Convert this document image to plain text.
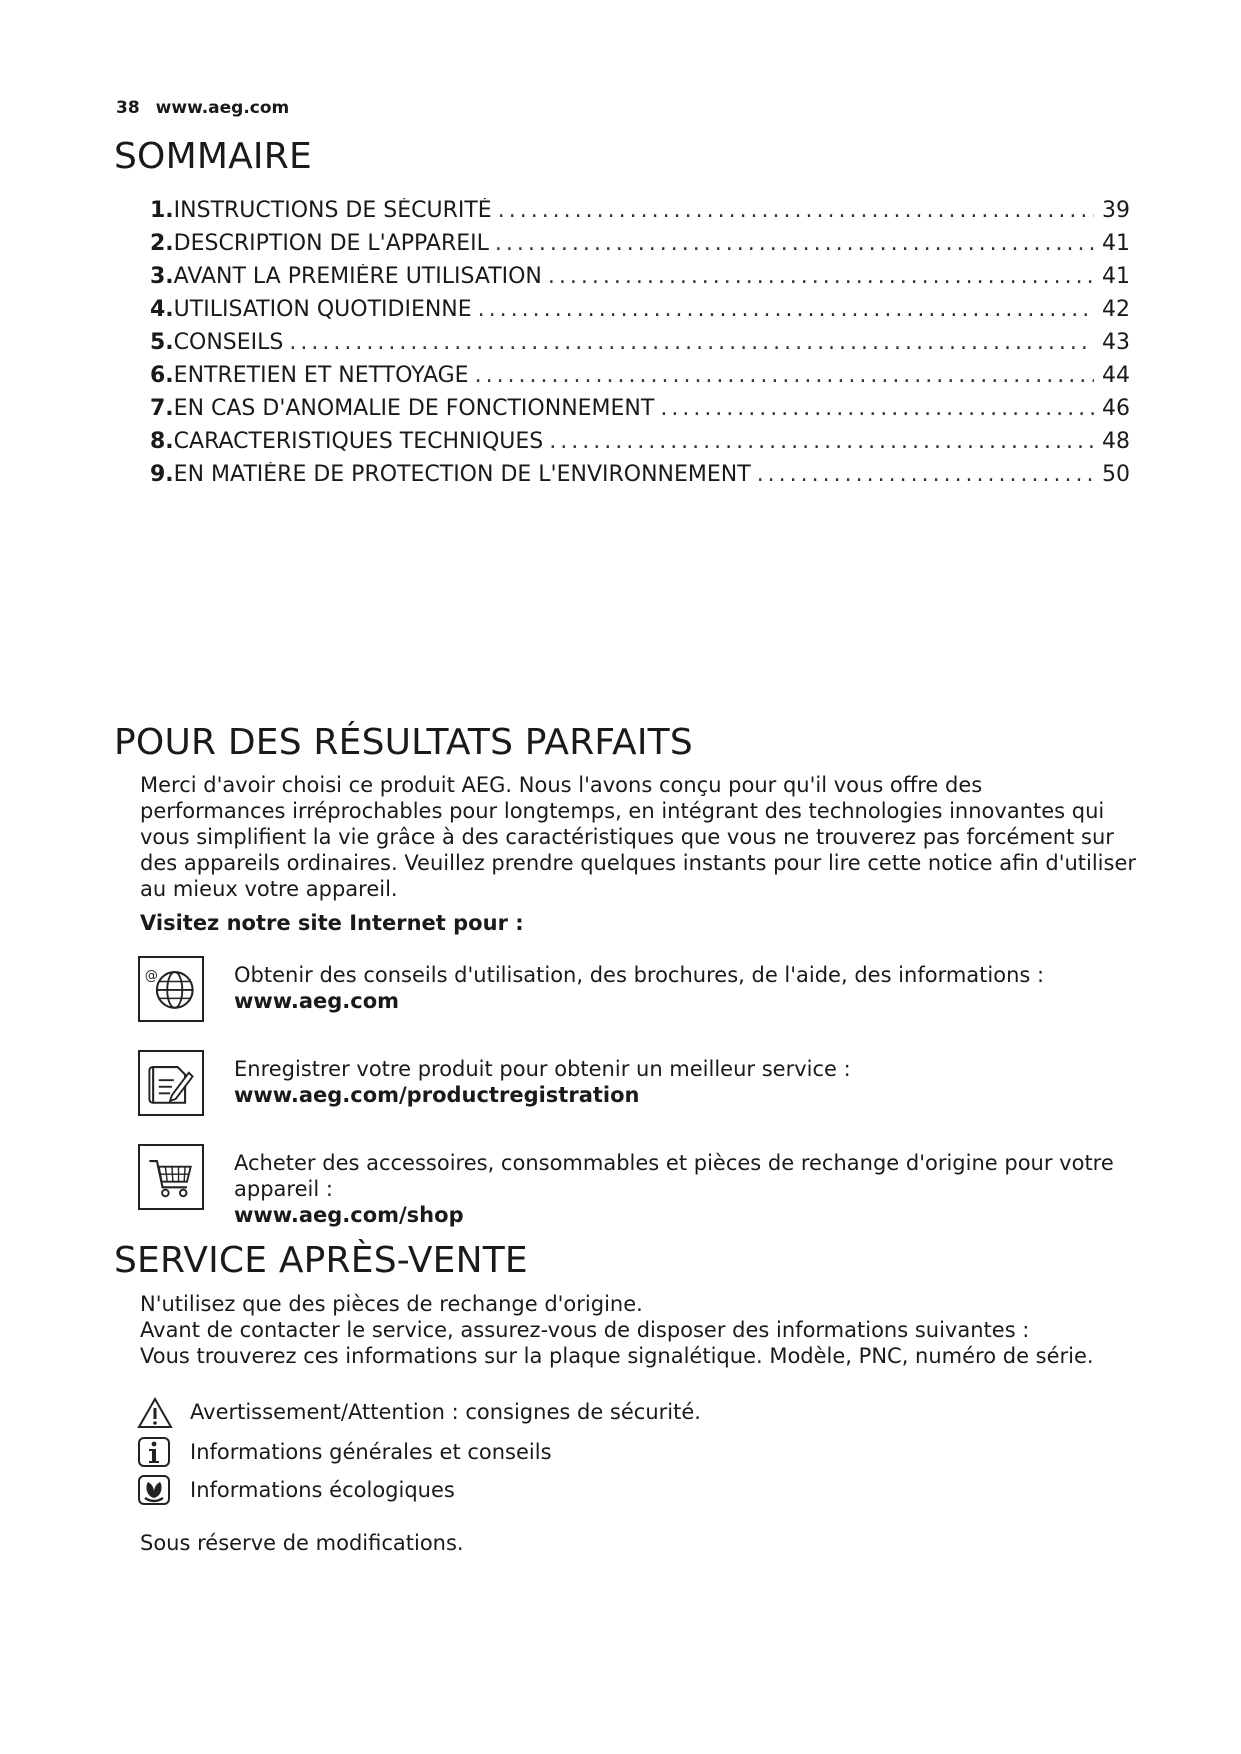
38 www.aeg.com
SOMMAIRE
1. INSTRUCTIONS DE SÉCURITÉ .....	39
2. DESCRIPTION DE L'APPAREIL .....	41
3. AVANT LA PREMIÈRE UTILISATION .....	41
4. UTILISATION QUOTIDIENNE .....	42
5. CONSEILS .....	43
6. ENTRETIEN ET NETTOYAGE .....	44
7. EN CAS D'ANOMALIE DE FONCTIONNEMENT .....	46
8. CARACTERISTIQUES TECHNIQUES .....	48
9. EN MATIÈRE DE PROTECTION DE L'ENVIRONNEMENT .....	50
POUR DES RÉSULTATS PARFAITS
Merci d'avoir choisi ce produit AEG. Nous l'avons conçu pour qu'il vous offre des
performances irréprochables pour longtemps, en intégrant des technologies innovantes qui
vous simplifient la vie grâce à des caractéristiques que vous ne trouverez pas forcément sur
des appareils ordinaires. Veuillez prendre quelques instants pour lire cette notice afin d'utiliser
au mieux votre appareil.
Visitez notre site Internet pour :
@	Obtenir des conseils d'utilisation, des brochures, de l'aide, des informations :
www.aeg.com
Enregistrer votre produit pour obtenir un meilleur service :
www.aeg.com/productregistration
Acheter des accessoires, consommables et pièces de rechange d'origine pour votre
appareil :
www.aeg.com/shop
SERVICE APRÈS-VENTE
N'utilisez que des pièces de rechange d'origine.
Avant de contacter le service, assurez-vous de disposer des informations suivantes :
Vous trouverez ces informations sur la plaque signalétique. Modèle, PNC, numéro de série.
Avertissement/Attention : consignes de sécurité.
Informations générales et conseils
Informations écologiques
Sous réserve de modifications.
